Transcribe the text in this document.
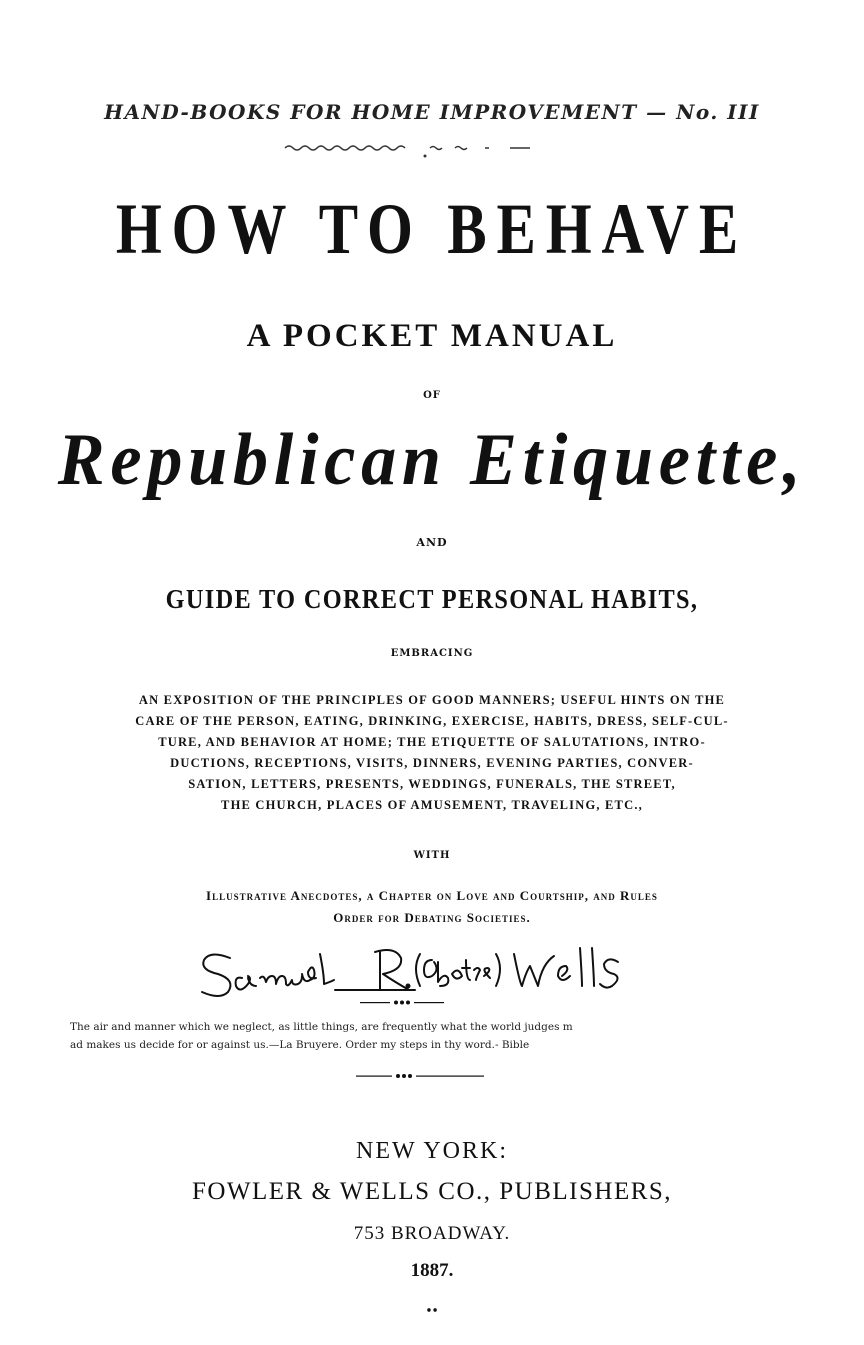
HAND-BOOKS FOR HOME IMPROVEMENT — No. III
HOW TO BEHAVE
A POCKET MANUAL
OF
Republican Etiquette,
AND
GUIDE TO CORRECT PERSONAL HABITS,
EMBRACING
AN EXPOSITION OF THE PRINCIPLES OF GOOD MANNERS; USEFUL HINTS ON THE
CARE OF THE PERSON, EATING, DRINKING, EXERCISE, HABITS, DRESS, SELF-CUL-
TURE, AND BEHAVIOR AT HOME; THE ETIQUETTE OF SALUTATIONS, INTRO-
DUCTIONS, RECEPTIONS, VISITS, DINNERS, EVENING PARTIES, CONVER-
SATION, LETTERS, PRESENTS, WEDDINGS, FUNERALS, THE STREET,
THE CHURCH, PLACES OF AMUSEMENT, TRAVELING, ETC.,
WITH
Illustrative Anecdotes, a Chapter on Love and Courtship, and Rules
Order for Debating Societies.
The air and manner which we neglect, as little things, are frequently what the world judges m
ad makes us decide for or against us.—La Bruyere. Order my steps in thy word.- Bible
NEW YORK:
FOWLER & WELLS CO., PUBLISHERS,
753 BROADWAY.
1887.
ꞏꞏ
